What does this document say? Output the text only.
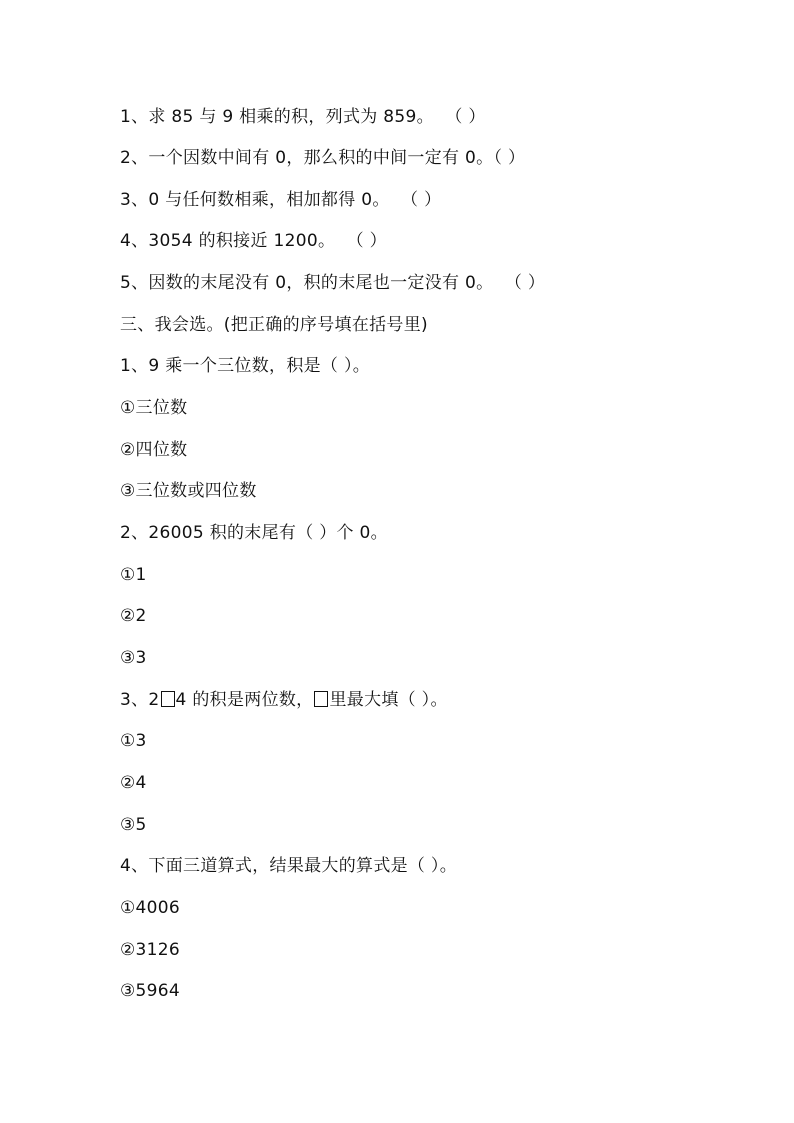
1、求 85 与 9 相乘的积，列式为 859。  （ ）
2、一个因数中间有 0，那么积的中间一定有 0。（ ）
3、0 与任何数相乘，相加都得 0。  （ ）
4、3054 的积接近 1200。  （ ）
5、因数的末尾没有 0，积的末尾也一定没有 0。  （ ）
三、我会选。(把正确的序号填在括号里)
1、9 乘一个三位数，积是（ ）。
①三位数
②四位数
③三位数或四位数
2、26005 积的末尾有（ ）个 0。
①1
②2
③3
3、2 4 的积是两位数， 里最大填（ ）。
①3
②4
③5
4、下面三道算式，结果最大的算式是（ ）。
①4006
②3126
③5964
